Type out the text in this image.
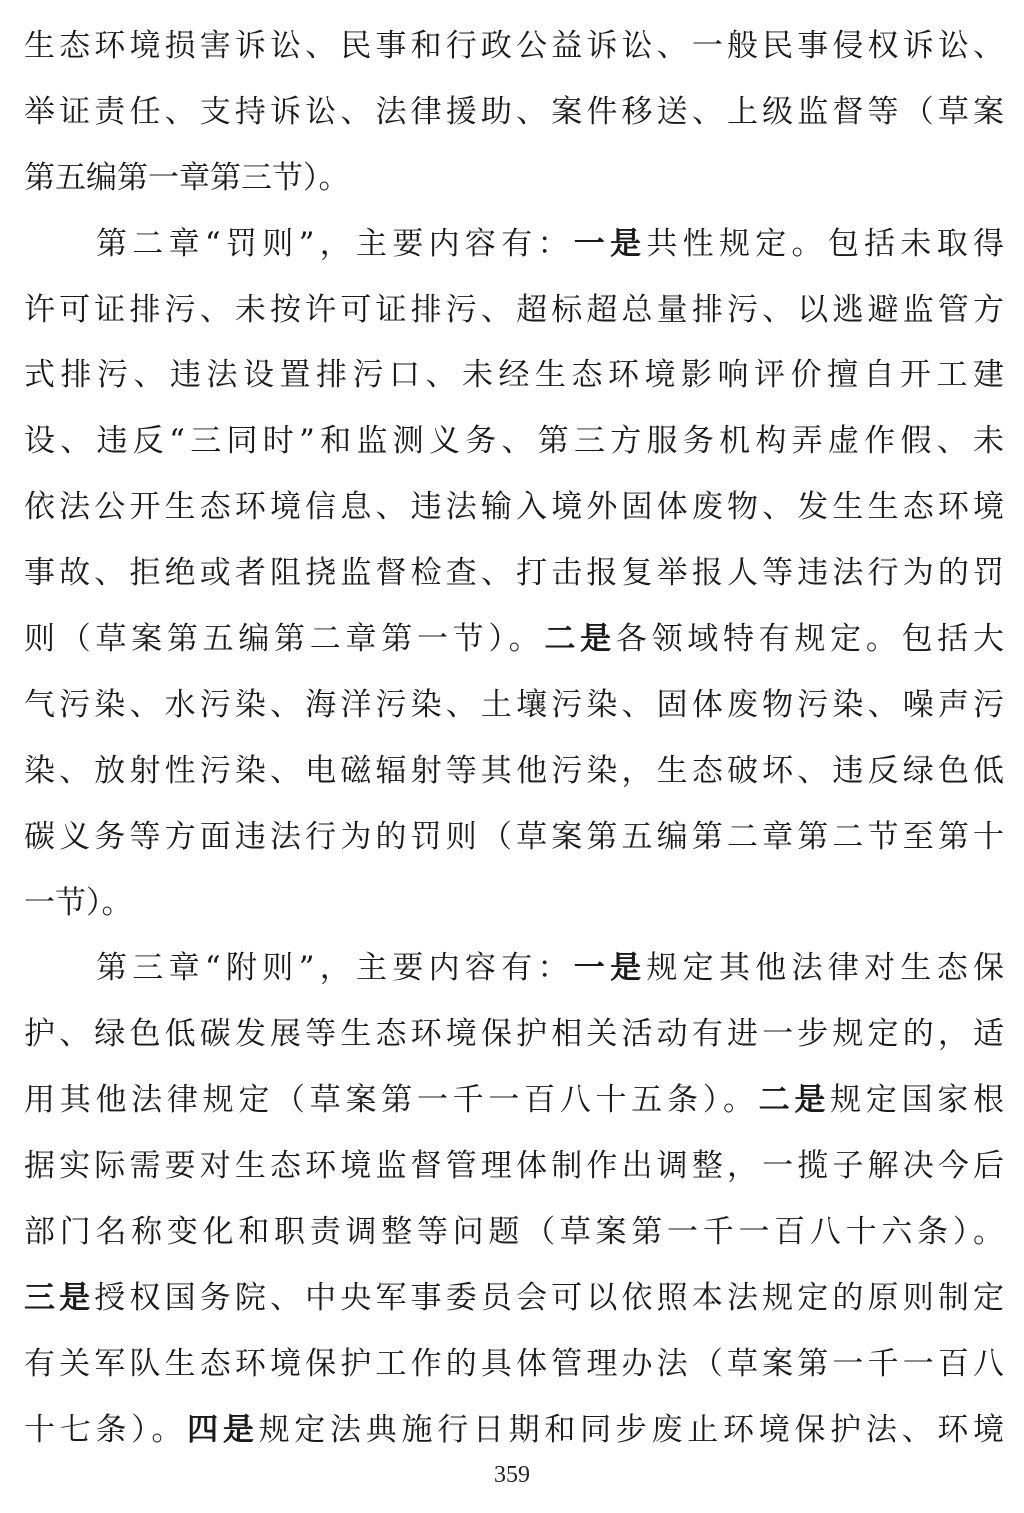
生态环境损害诉讼、民事和行政公益诉讼、一般民事侵权诉讼、
举证责任、支持诉讼、法律援助、案件移送、上级监督等（草案
第五编第一章第三节）。
第二章“罚则”，主要内容有：一是共性规定。包括未取得
许可证排污、未按许可证排污、超标超总量排污、以逃避监管方
式排污、违法设置排污口、未经生态环境影响评价擅自开工建
设、违反“三同时”和监测义务、第三方服务机构弄虚作假、未
依法公开生态环境信息、违法输入境外固体废物、发生生态环境
事故、拒绝或者阻挠监督检查、打击报复举报人等违法行为的罚
则（草案第五编第二章第一节）。二是各领域特有规定。包括大
气污染、水污染、海洋污染、土壤污染、固体废物污染、噪声污
染、放射性污染、电磁辐射等其他污染，生态破坏、违反绿色低
碳义务等方面违法行为的罚则（草案第五编第二章第二节至第十
一节）。
第三章“附则”，主要内容有：一是规定其他法律对生态保
护、绿色低碳发展等生态环境保护相关活动有进一步规定的，适
用其他法律规定（草案第一千一百八十五条）。二是规定国家根
据实际需要对生态环境监督管理体制作出调整，一揽子解决今后
部门名称变化和职责调整等问题（草案第一千一百八十六条）。
三是授权国务院、中央军事委员会可以依照本法规定的原则制定
有关军队生态环境保护工作的具体管理办法（草案第一千一百八
十七条）。四是规定法典施行日期和同步废止环境保护法、环境
359
